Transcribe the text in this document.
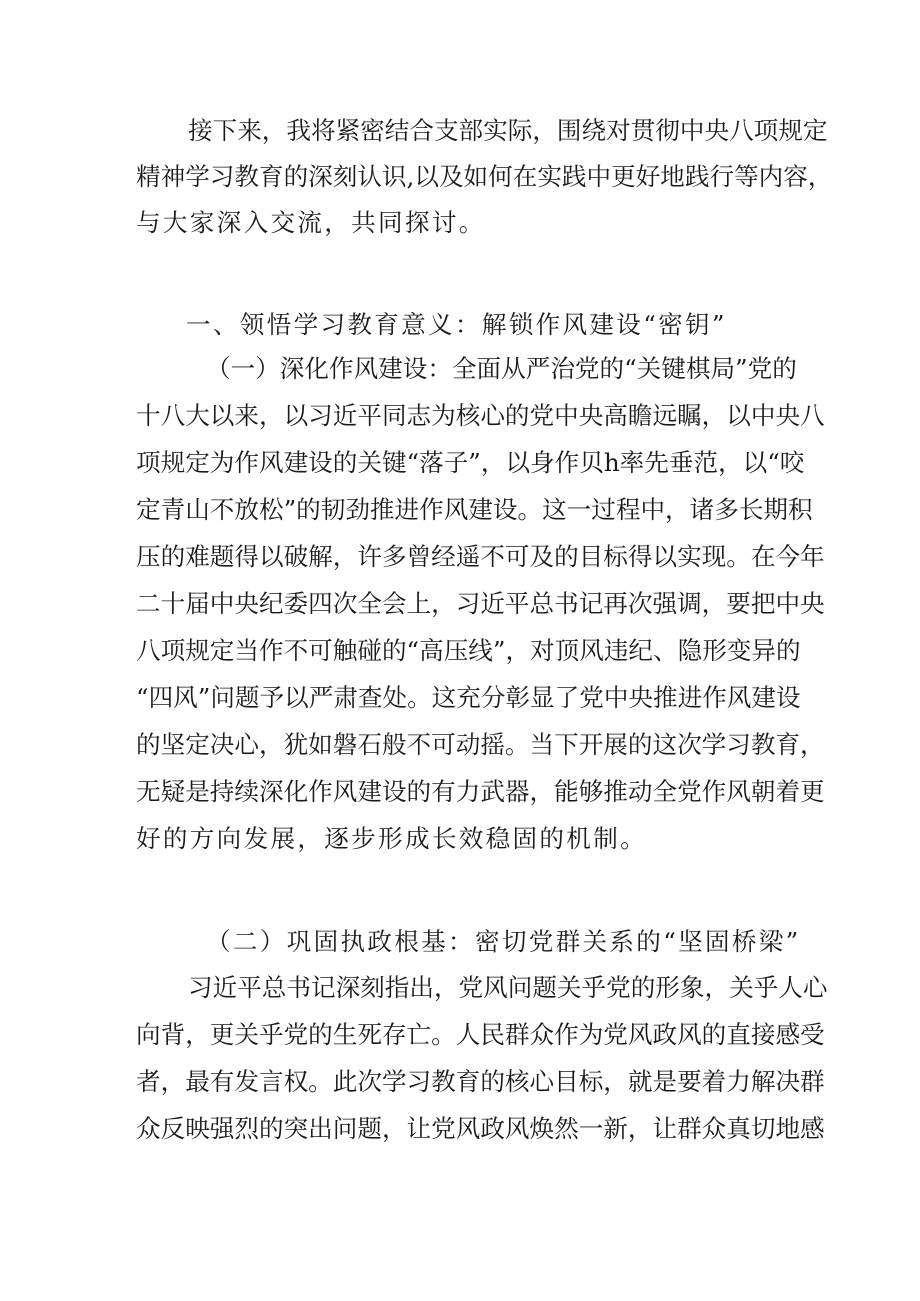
接下来，我将紧密结合支部实际，围绕对贯彻中央八项规定
精神学习教育的深刻认识,以及如何在实践中更好地践行等内容，
与大家深入交流，共同探讨。
一、领悟学习教育意义：解锁作风建设“密钥”
（一）深化作风建设：全面从严治党的“关键棋局”党的
十八大以来，以习近平同志为核心的党中央高瞻远瞩，以中央八
项规定为作风建设的关键“落子”，以身作贝h率先垂范，以“咬
定青山不放松”的韧劲推进作风建设。这一过程中，诸多长期积
压的难题得以破解，许多曾经遥不可及的目标得以实现。在今年
二十届中央纪委四次全会上，习近平总书记再次强调，要把中央
八项规定当作不可触碰的“高压线”，对顶风违纪、隐形变异的
“四风”问题予以严肃查处。这充分彰显了党中央推进作风建设
的坚定决心，犹如磐石般不可动摇。当下开展的这次学习教育，
无疑是持续深化作风建设的有力武器，能够推动全党作风朝着更
好的方向发展，逐步形成长效稳固的机制。
（二）巩固执政根基：密切党群关系的“坚固桥梁”
习近平总书记深刻指出，党风问题关乎党的形象，关乎人心
向背，更关乎党的生死存亡。人民群众作为党风政风的直接感受
者，最有发言权。此次学习教育的核心目标，就是要着力解决群
众反映强烈的突出问题，让党风政风焕然一新，让群众真切地感
